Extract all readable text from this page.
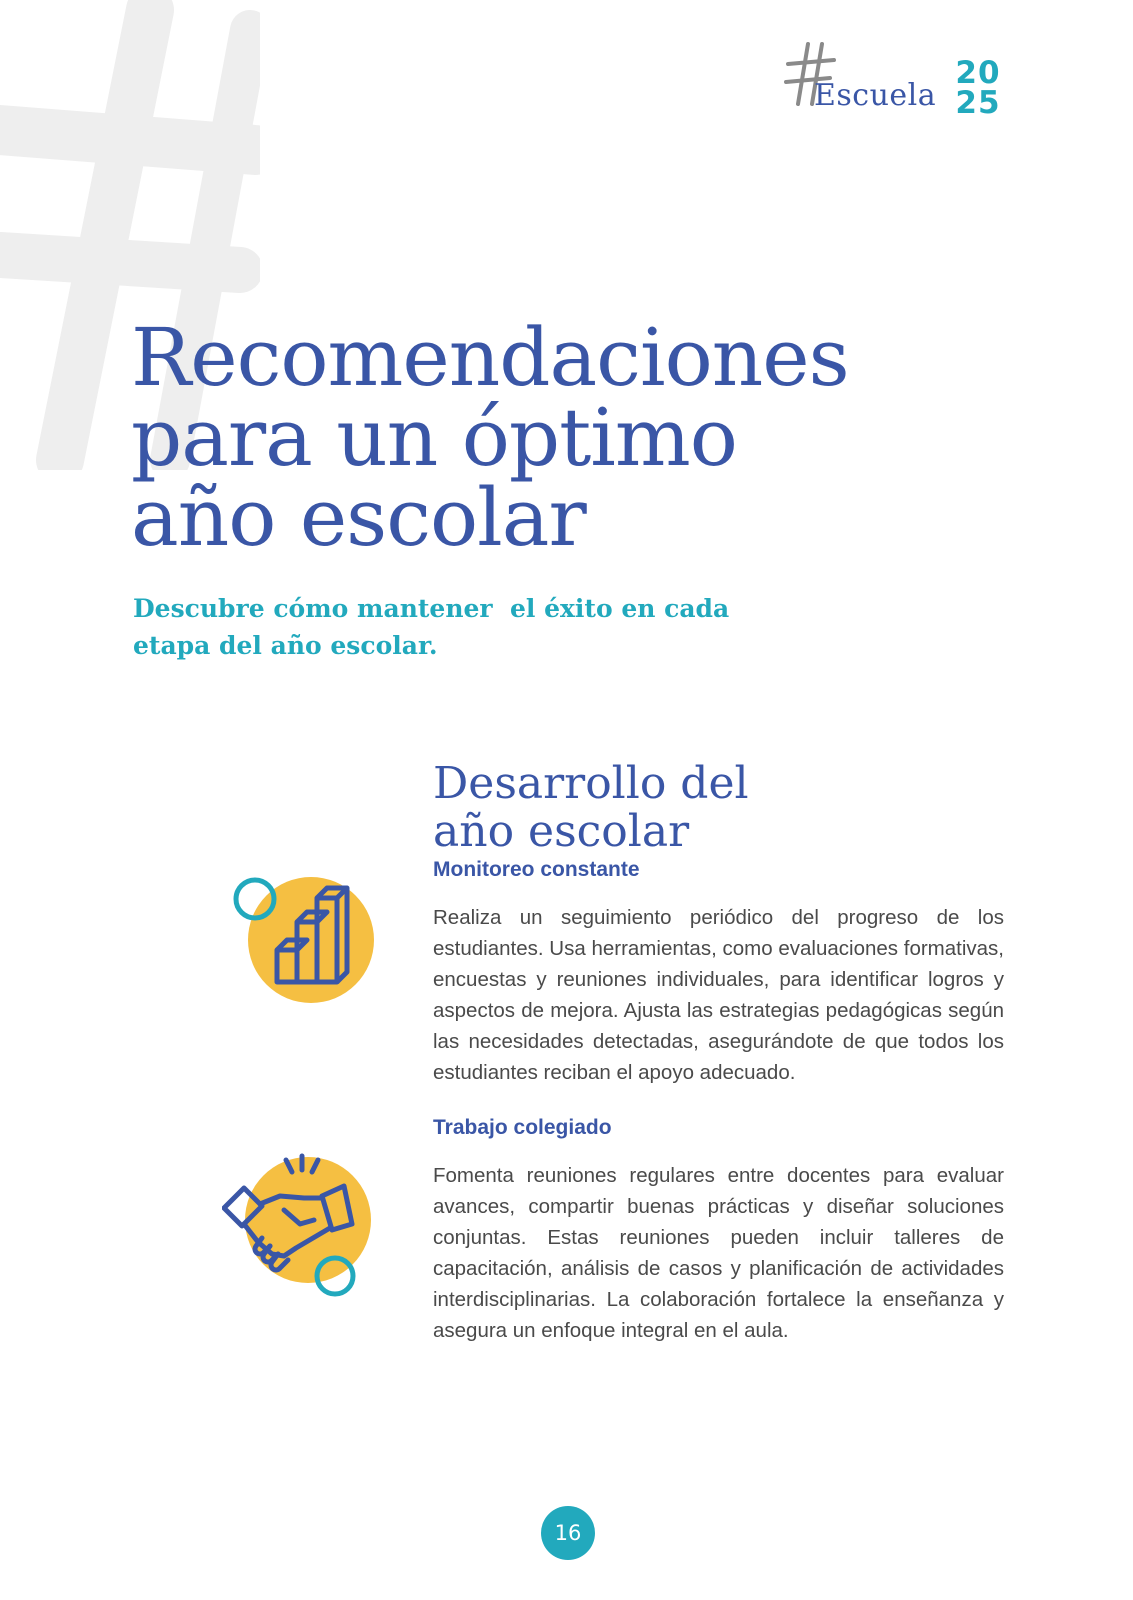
Escuela
20
25
Recomendaciones
para un óptimo
año escolar

Descubre cómo mantener  el éxito en cada
etapa del año escolar.

Desarrollo del
año escolar
Monitoreo constante

Realiza un seguimiento periódico del progreso de los estudiantes. Usa herramientas, como evaluaciones formativas, encuestas y reuniones individuales, para identificar logros y aspectos de mejora. Ajusta las estrategias pedagógicas según las necesidades detectadas, asegurándote de que todos los estudiantes reciban el apoyo adecuado.

Trabajo colegiado

Fomenta reuniones regulares entre docentes para evaluar avances, compartir buenas prácticas y diseñar soluciones conjuntas. Estas reuniones pueden incluir talleres de capacitación, análisis de casos y planificación de actividades interdisciplinarias. La colaboración fortalece la enseñanza y asegura un enfoque integral en el aula.

16
